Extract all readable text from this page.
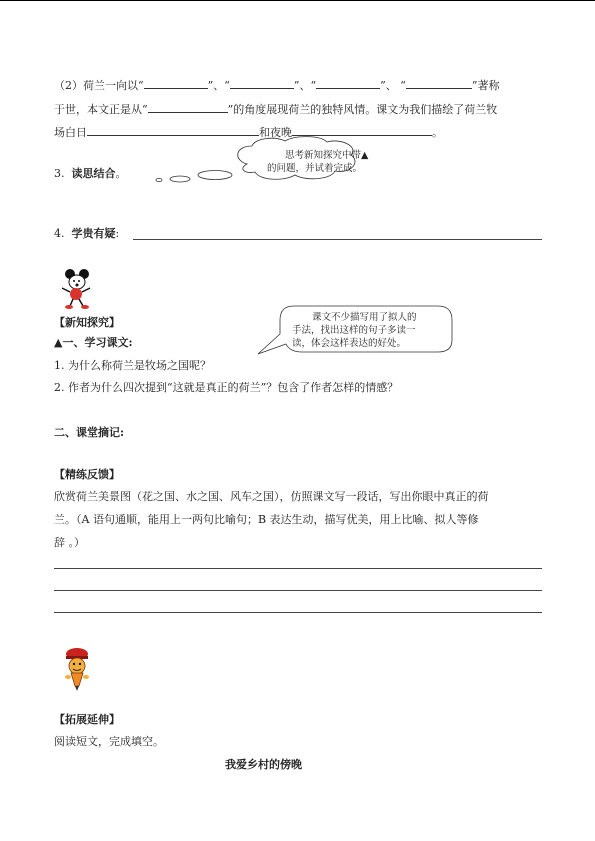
（2）荷兰一向以“	”、“	”、“	”、 “	”著称
于世，本文正是从“	”的角度展现荷兰的独特风情。课文为我们描绘了荷兰牧
场白日	和夜晚	。
3. 读思结合。
思考新知探究中带▲
的问题，并试着完成。
4. 学贵有疑:
【新知探究】
▲一、学习课文:
1. 为什么称荷兰是牧场之国呢？
2. 作者为什么四次提到“这就是真正的荷兰”？包含了作者怎样的情感？
课文不少描写用了拟人的
手法，找出这样的句子多读一
读，体会这样表达的好处。
二、课堂摘记:
【精练反馈】
欣赏荷兰美景图（花之国、水之国、风车之国），仿照课文写一段话，写出你眼中真正的荷
兰。（A 语句通顺，能用上一两句比喻句；B 表达生动，描写优美，用上比喻、拟人等修
辞 。）
【拓展延伸】
阅读短文，完成填空。
我爱乡村的傍晚
